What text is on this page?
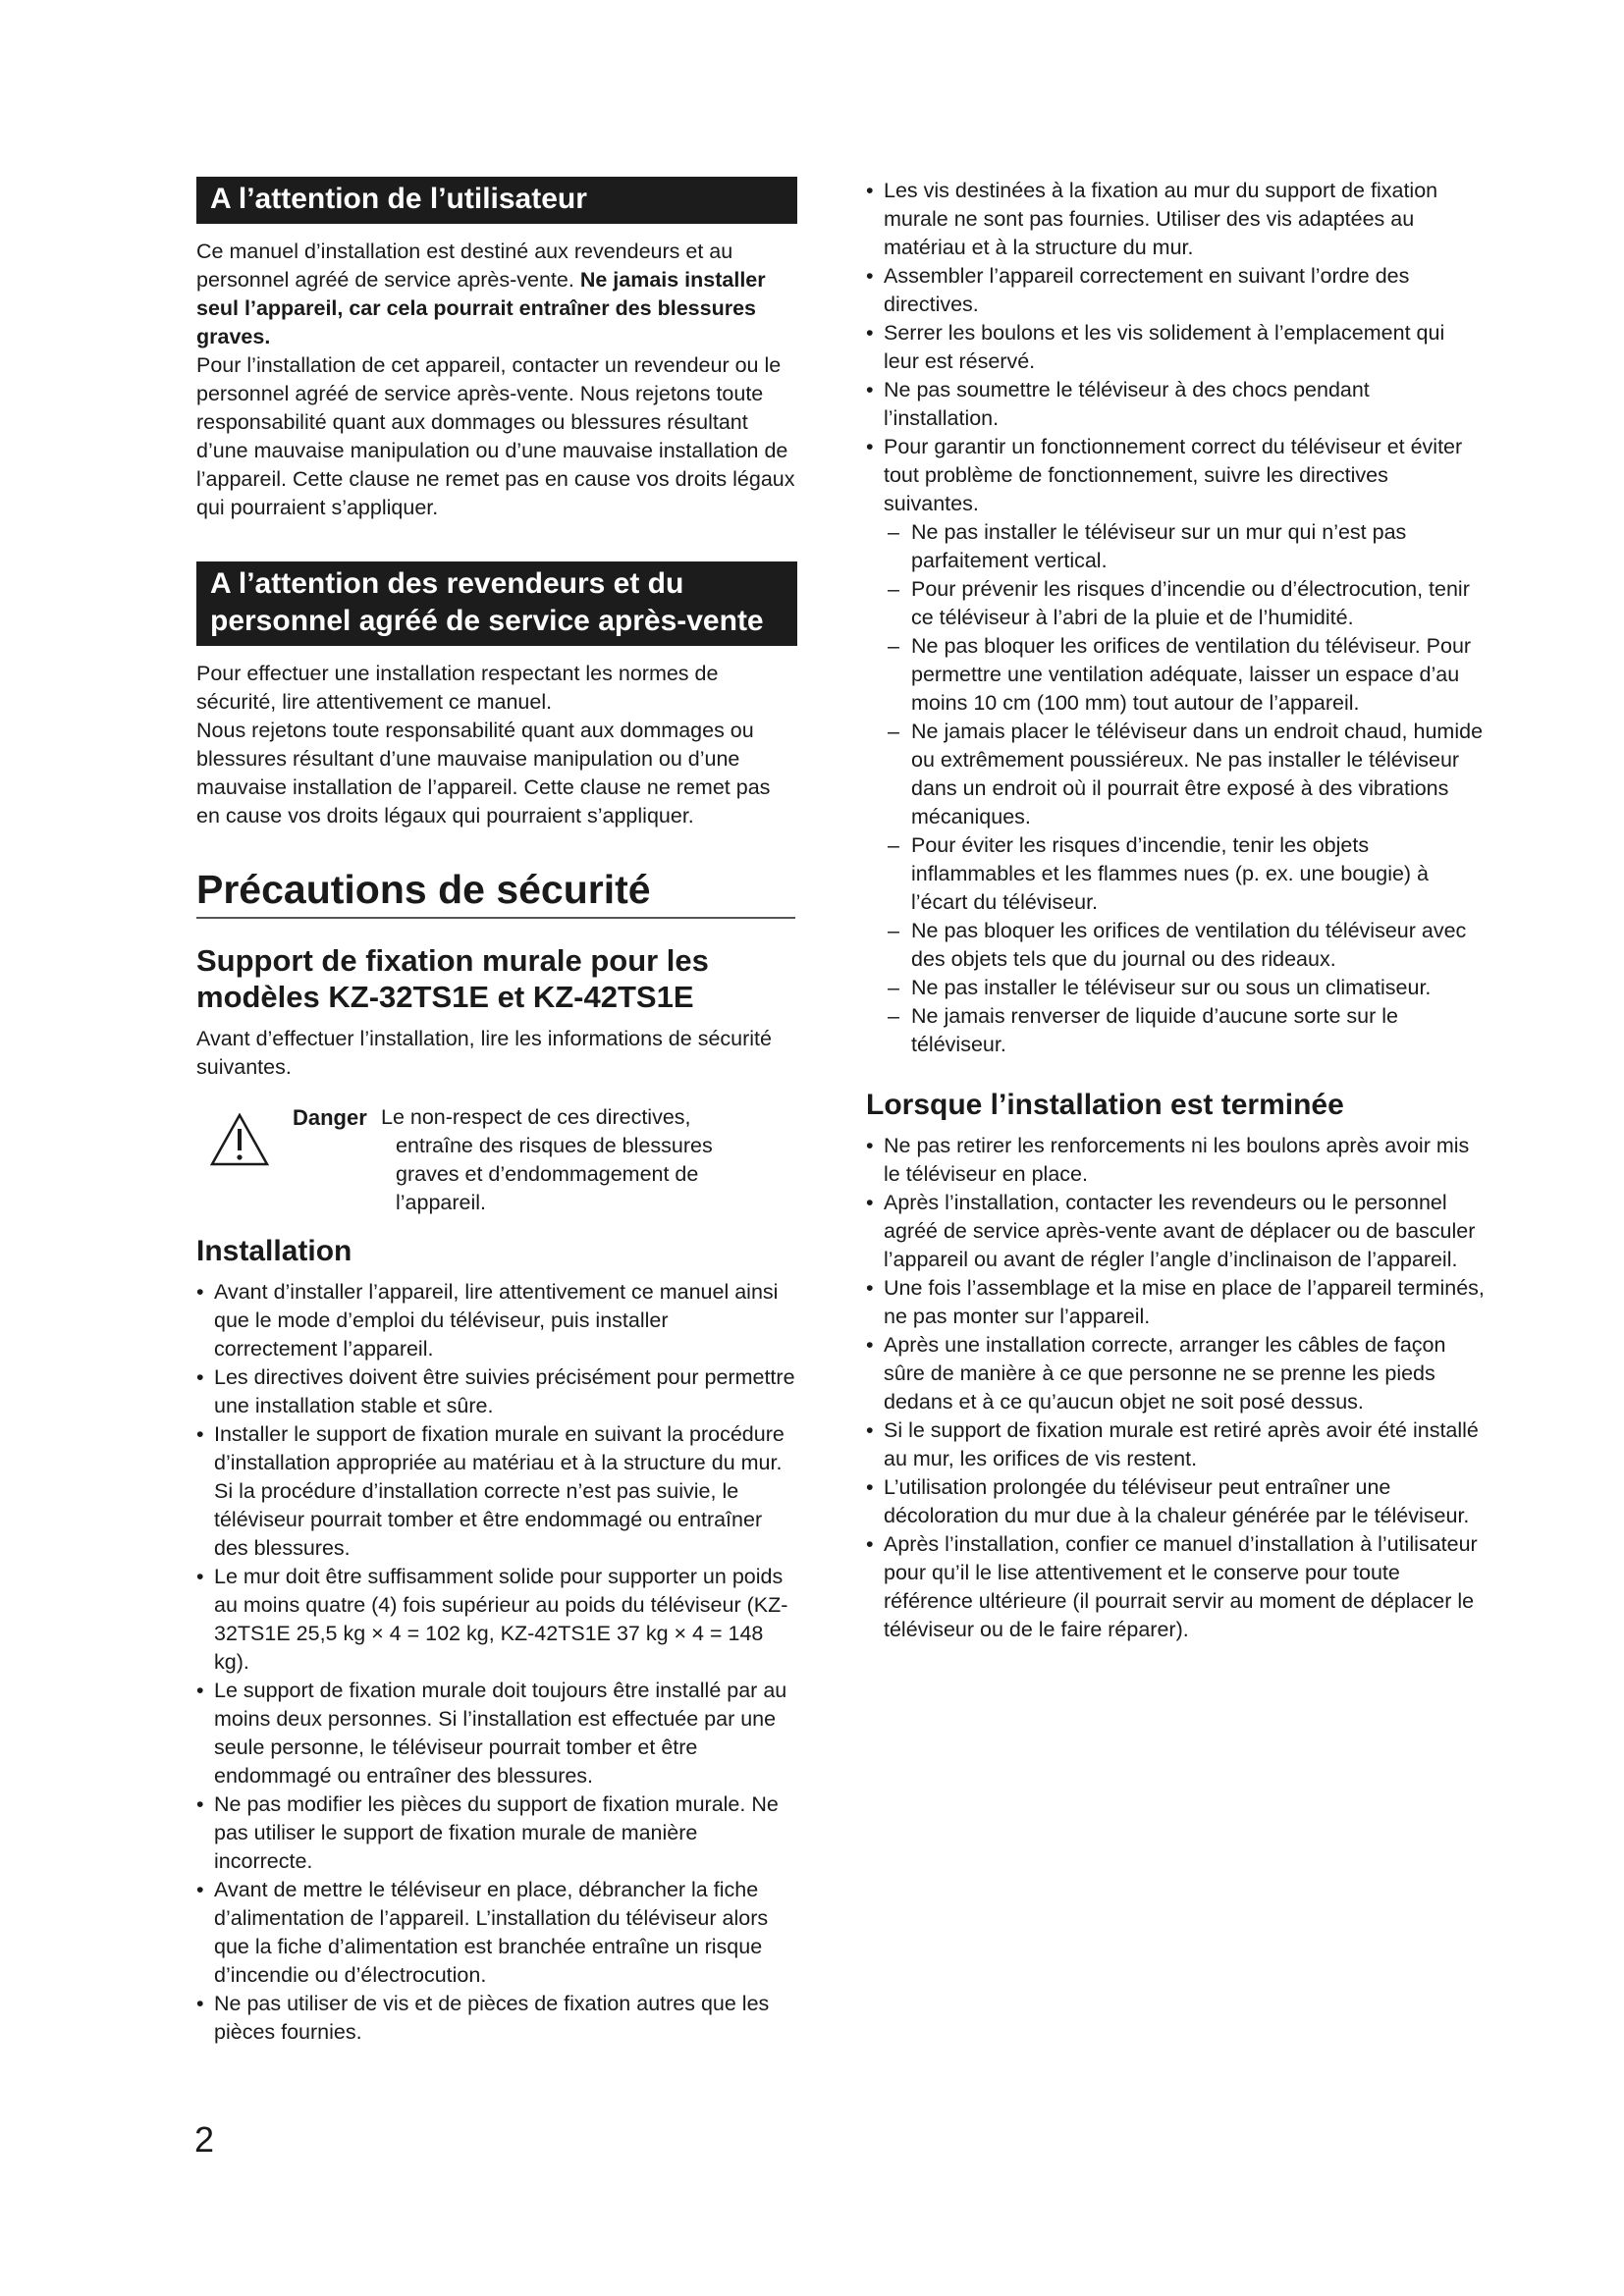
A l’attention de l’utilisateur

Ce manuel d’installation est destiné aux revendeurs et au personnel agréé de service après-vente. Ne jamais installer seul l’appareil, car cela pourrait entraîner des blessures graves.

Pour l’installation de cet appareil, contacter un revendeur ou le personnel agréé de service après-vente. Nous rejetons toute responsabilité quant aux dommages ou blessures résultant d’une mauvaise manipulation ou d’une mauvaise installation de l’appareil. Cette clause ne remet pas en cause vos droits légaux qui pourraient s’appliquer.

A l’attention des revendeurs et du
personnel agréé de service après-vente

Pour effectuer une installation respectant les normes de sécurité, lire attentivement ce manuel.

Nous rejetons toute responsabilité quant aux dommages ou blessures résultant d’une mauvaise manipulation ou d’une mauvaise installation de l’appareil. Cette clause ne remet pas en cause vos droits légaux qui pourraient s’appliquer.

Précautions de sécurité
Support de fixation murale pour les modèles KZ-32TS1E et KZ-42TS1E

Avant d’effectuer l’installation, lire les informations de sécurité suivantes.

Danger Le non-respect de ces directives,
entraîne des risques de blessures graves et d’endommagement de l’appareil.
Installation
• Avant d’installer l’appareil, lire attentivement ce manuel ainsi que le mode d’emploi du téléviseur, puis installer correctement l’appareil.
• Les directives doivent être suivies précisément pour permettre une installation stable et sûre.
• Installer le support de fixation murale en suivant la procédure d’installation appropriée au matériau et à la structure du mur. Si la procédure d’installation correcte n’est pas suivie, le téléviseur pourrait tomber et être endommagé ou entraîner des blessures.
• Le mur doit être suffisamment solide pour supporter un poids au moins quatre (4) fois supérieur au poids du téléviseur (KZ-32TS1E 25,5 kg × 4 = 102 kg, KZ-42TS1E 37 kg × 4 = 148 kg).
• Le support de fixation murale doit toujours être installé par au moins deux personnes. Si l’installation est effectuée par une seule personne, le téléviseur pourrait tomber et être endommagé ou entraîner des blessures.
• Ne pas modifier les pièces du support de fixation murale. Ne pas utiliser le support de fixation murale de manière incorrecte.
• Avant de mettre le téléviseur en place, débrancher la fiche d’alimentation de l’appareil. L’installation du téléviseur alors que la fiche d’alimentation est branchée entraîne un risque d’incendie ou d’électrocution.
• Ne pas utiliser de vis et de pièces de fixation autres que les pièces fournies.
• Les vis destinées à la fixation au mur du support de fixation murale ne sont pas fournies. Utiliser des vis adaptées au matériau et à la structure du mur.
• Assembler l’appareil correctement en suivant l’ordre des directives.
• Serrer les boulons et les vis solidement à l’emplacement qui leur est réservé.
• Ne pas soumettre le téléviseur à des chocs pendant l’installation.
• Pour garantir un fonctionnement correct du téléviseur et éviter tout problème de fonctionnement, suivre les directives suivantes.
– Ne pas installer le téléviseur sur un mur qui n’est pas parfaitement vertical.
– Pour prévenir les risques d’incendie ou d’électrocution, tenir ce téléviseur à l’abri de la pluie et de l’humidité.
– Ne pas bloquer les orifices de ventilation du téléviseur. Pour permettre une ventilation adéquate, laisser un espace d’au moins 10 cm (100 mm) tout autour de l’appareil.
– Ne jamais placer le téléviseur dans un endroit chaud, humide ou extrêmement poussiéreux. Ne pas installer le téléviseur dans un endroit où il pourrait être exposé à des vibrations mécaniques.
– Pour éviter les risques d’incendie, tenir les objets inflammables et les flammes nues (p. ex. une bougie) à l’écart du téléviseur.
– Ne pas bloquer les orifices de ventilation du téléviseur avec des objets tels que du journal ou des rideaux.
– Ne pas installer le téléviseur sur ou sous un climatiseur.
– Ne jamais renverser de liquide d’aucune sorte sur le téléviseur.
Lorsque l’installation est terminée
• Ne pas retirer les renforcements ni les boulons après avoir mis le téléviseur en place.
• Après l’installation, contacter les revendeurs ou le personnel agréé de service après-vente avant de déplacer ou de basculer l’appareil ou avant de régler l’angle d’inclinaison de l’appareil.
• Une fois l’assemblage et la mise en place de l’appareil terminés, ne pas monter sur l’appareil.
• Après une installation correcte, arranger les câbles de façon sûre de manière à ce que personne ne se prenne les pieds dedans et à ce qu’aucun objet ne soit posé dessus.
• Si le support de fixation murale est retiré après avoir été installé au mur, les orifices de vis restent.
• L’utilisation prolongée du téléviseur peut entraîner une décoloration du mur due à la chaleur générée par le téléviseur.
• Après l’installation, confier ce manuel d’installation à l’utilisateur pour qu’il le lise attentivement et le conserve pour toute référence ultérieure (il pourrait servir au moment de déplacer le téléviseur ou de le faire réparer).
2
